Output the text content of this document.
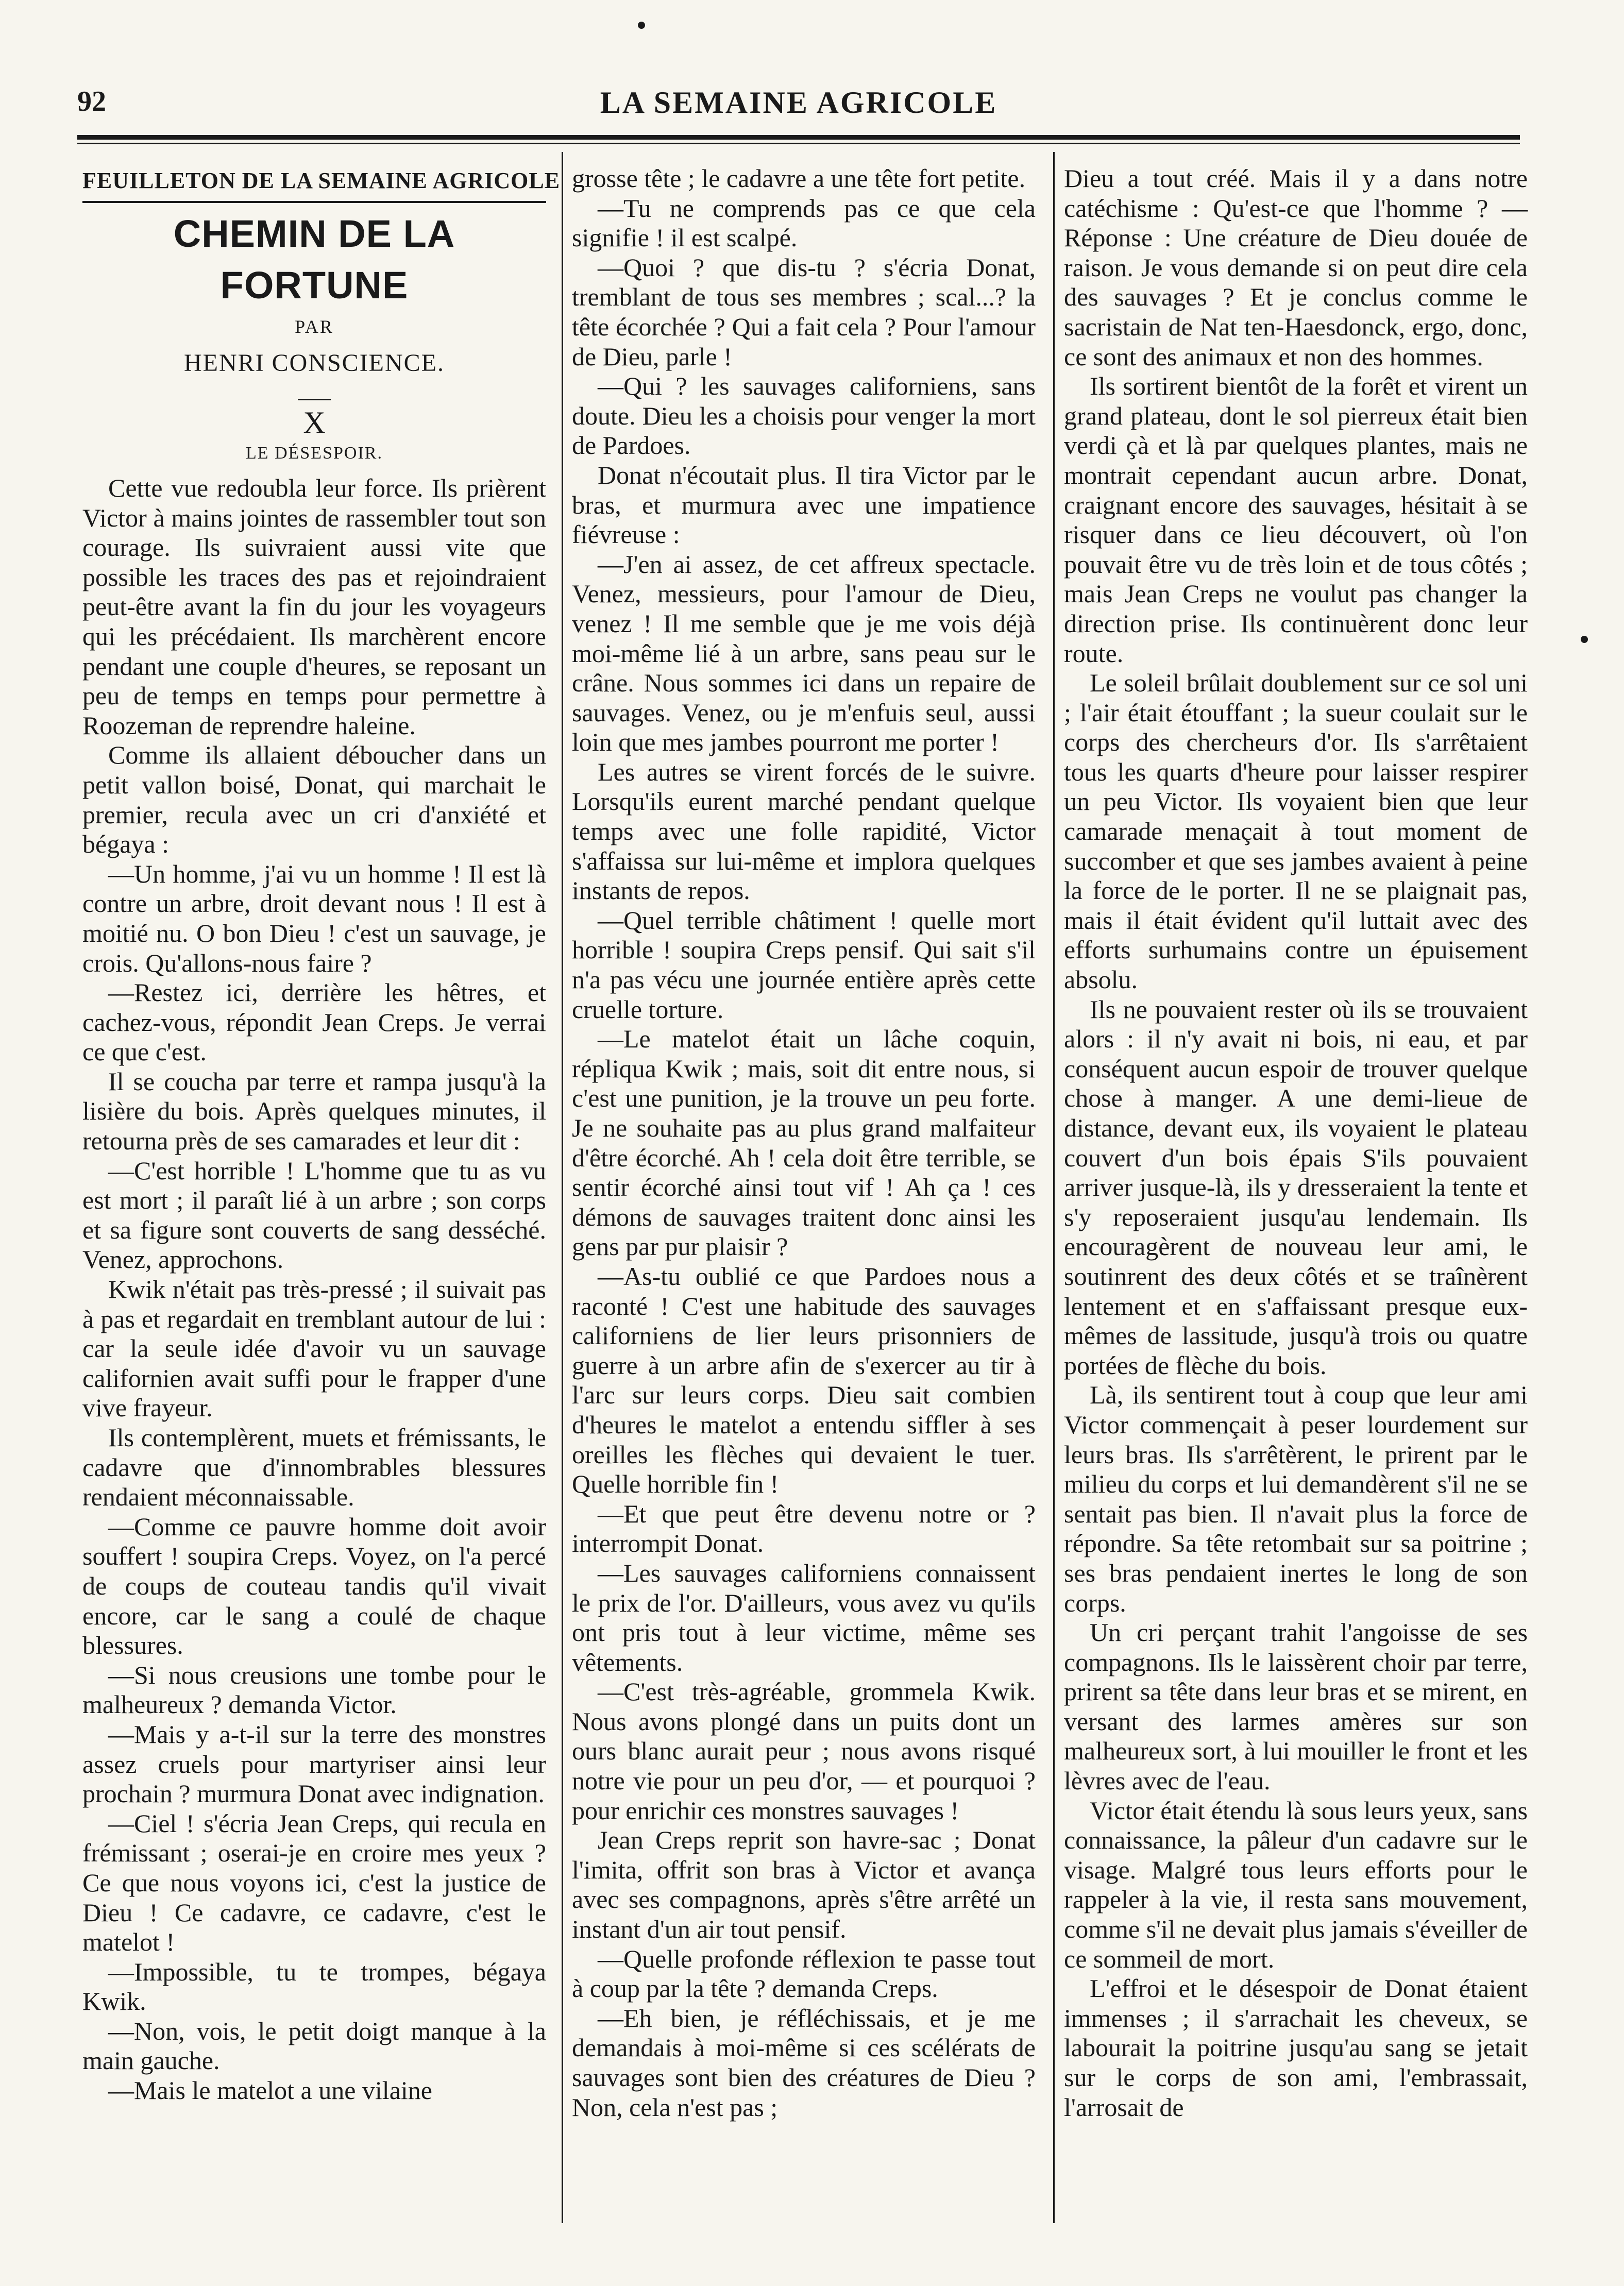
92	LA SEMAINE AGRICOLE
FEUILLETON DE LA SEMAINE AGRICOLE
CHEMIN DE LA FORTUNE
PAR
HENRI CONSCIENCE.
X
LE DÉSESPOIR.

Cette vue redoubla leur force. Ils prièrent Victor à mains jointes de rassembler tout son courage. Ils suivraient aussi vite que possible les traces des pas et rejoindraient peut-être avant la fin du jour les voyageurs qui les précédaient. Ils marchèrent encore pendant une couple d'heures, se reposant un peu de temps en temps pour permettre à Roozeman de reprendre haleine.

Comme ils allaient déboucher dans un petit vallon boisé, Donat, qui marchait le premier, recula avec un cri d'anxiété et bégaya :

—Un homme, j'ai vu un homme ! Il est là contre un arbre, droit devant nous ! Il est à moitié nu. O bon Dieu ! c'est un sauvage, je crois. Qu'allons-nous faire ?

—Restez ici, derrière les hêtres, et cachez-vous, répondit Jean Creps. Je verrai ce que c'est.

Il se coucha par terre et rampa jusqu'à la lisière du bois. Après quelques minutes, il retourna près de ses camarades et leur dit :

—C'est horrible ! L'homme que tu as vu est mort ; il paraît lié à un arbre ; son corps et sa figure sont couverts de sang desséché. Venez, approchons.

Kwik n'était pas très-pressé ; il suivait pas à pas et regardait en tremblant autour de lui : car la seule idée d'avoir vu un sauvage californien avait suffi pour le frapper d'une vive frayeur.

Ils contemplèrent, muets et frémissants, le cadavre que d'innombrables blessures rendaient méconnaissable.

—Comme ce pauvre homme doit avoir souffert ! soupira Creps. Voyez, on l'a percé de coups de couteau tandis qu'il vivait encore, car le sang a coulé de chaque blessures.

—Si nous creusions une tombe pour le malheureux ? demanda Victor.

—Mais y a-t-il sur la terre des monstres assez cruels pour martyriser ainsi leur prochain ? murmura Donat avec indignation.

—Ciel ! s'écria Jean Creps, qui recula en frémissant ; oserai-je en croire mes yeux ? Ce que nous voyons ici, c'est la justice de Dieu ! Ce cadavre, ce cadavre, c'est le matelot !

—Impossible, tu te trompes, bégaya Kwik.

—Non, vois, le petit doigt manque à la main gauche.

—Mais le matelot a une vilaine

grosse tête ; le cadavre a une tête fort petite.

—Tu ne comprends pas ce que cela signifie ! il est scalpé.

—Quoi ? que dis-tu ? s'écria Donat, tremblant de tous ses membres ; scal...? la tête écorchée ? Qui a fait cela ? Pour l'amour de Dieu, parle !

—Qui ? les sauvages californiens, sans doute. Dieu les a choisis pour venger la mort de Pardoes.

Donat n'écoutait plus. Il tira Victor par le bras, et murmura avec une impatience fiévreuse :

—J'en ai assez, de cet affreux spectacle. Venez, messieurs, pour l'amour de Dieu, venez ! Il me semble que je me vois déjà moi-même lié à un arbre, sans peau sur le crâne. Nous sommes ici dans un repaire de sauvages. Venez, ou je m'enfuis seul, aussi loin que mes jambes pourront me porter !

Les autres se virent forcés de le suivre. Lorsqu'ils eurent marché pendant quelque temps avec une folle rapidité, Victor s'affaissa sur lui-même et implora quelques instants de repos.

—Quel terrible châtiment ! quelle mort horrible ! soupira Creps pensif. Qui sait s'il n'a pas vécu une journée entière après cette cruelle torture.

—Le matelot était un lâche coquin, répliqua Kwik ; mais, soit dit entre nous, si c'est une punition, je la trouve un peu forte. Je ne souhaite pas au plus grand malfaiteur d'être écorché. Ah ! cela doit être terrible, se sentir écorché ainsi tout vif ! Ah ça ! ces démons de sauvages traitent donc ainsi les gens par pur plaisir ?

—As-tu oublié ce que Pardoes nous a raconté ! C'est une habitude des sauvages californiens de lier leurs prisonniers de guerre à un arbre afin de s'exercer au tir à l'arc sur leurs corps. Dieu sait combien d'heures le matelot a entendu siffler à ses oreilles les flèches qui devaient le tuer. Quelle horrible fin !

—Et que peut être devenu notre or ? interrompit Donat.

—Les sauvages californiens connaissent le prix de l'or. D'ailleurs, vous avez vu qu'ils ont pris tout à leur victime, même ses vêtements.

—C'est très-agréable, grommela Kwik. Nous avons plongé dans un puits dont un ours blanc aurait peur ; nous avons risqué notre vie pour un peu d'or, — et pourquoi ? pour enrichir ces monstres sauvages !

Jean Creps reprit son havre-sac ; Donat l'imita, offrit son bras à Victor et avança avec ses compagnons, après s'être arrêté un instant d'un air tout pensif.

—Quelle profonde réflexion te passe tout à coup par la tête ? demanda Creps.

—Eh bien, je réfléchissais, et je me demandais à moi-même si ces scélérats de sauvages sont bien des créatures de Dieu ? Non, cela n'est pas ;

Dieu a tout créé. Mais il y a dans notre catéchisme : Qu'est-ce que l'homme ? — Réponse : Une créature de Dieu douée de raison. Je vous demande si on peut dire cela des sauvages ? Et je conclus comme le sacristain de Nat ten-Haesdonck, ergo, donc, ce sont des animaux et non des hommes.

Ils sortirent bientôt de la forêt et virent un grand plateau, dont le sol pierreux était bien verdi çà et là par quelques plantes, mais ne montrait cependant aucun arbre. Donat, craignant encore des sauvages, hésitait à se risquer dans ce lieu découvert, où l'on pouvait être vu de très loin et de tous côtés ; mais Jean Creps ne voulut pas changer la direction prise. Ils continuèrent donc leur route.

Le soleil brûlait doublement sur ce sol uni ; l'air était étouffant ; la sueur coulait sur le corps des chercheurs d'or. Ils s'arrêtaient tous les quarts d'heure pour laisser respirer un peu Victor. Ils voyaient bien que leur camarade menaçait à tout moment de succomber et que ses jambes avaient à peine la force de le porter. Il ne se plaignait pas, mais il était évident qu'il luttait avec des efforts surhumains contre un épuisement absolu.

Ils ne pouvaient rester où ils se trouvaient alors : il n'y avait ni bois, ni eau, et par conséquent aucun espoir de trouver quelque chose à manger. A une demi-lieue de distance, devant eux, ils voyaient le plateau couvert d'un bois épais S'ils pouvaient arriver jusque-là, ils y dresseraient la tente et s'y reposeraient jusqu'au lendemain. Ils encouragèrent de nouveau leur ami, le soutinrent des deux côtés et se traînèrent lentement et en s'affaissant presque eux-mêmes de lassitude, jusqu'à trois ou quatre portées de flèche du bois.

Là, ils sentirent tout à coup que leur ami Victor commençait à peser lourdement sur leurs bras. Ils s'arrêtèrent, le prirent par le milieu du corps et lui demandèrent s'il ne se sentait pas bien. Il n'avait plus la force de répondre. Sa tête retombait sur sa poitrine ; ses bras pendaient inertes le long de son corps.

Un cri perçant trahit l'angoisse de ses compagnons. Ils le laissèrent choir par terre, prirent sa tête dans leur bras et se mirent, en versant des larmes amères sur son malheureux sort, à lui mouiller le front et les lèvres avec de l'eau.

Victor était étendu là sous leurs yeux, sans connaissance, la pâleur d'un cadavre sur le visage. Malgré tous leurs efforts pour le rappeler à la vie, il resta sans mouvement, comme s'il ne devait plus jamais s'éveiller de ce sommeil de mort.

L'effroi et le désespoir de Donat étaient immenses ; il s'arrachait les cheveux, se labourait la poitrine jusqu'au sang se jetait sur le corps de son ami, l'embrassait, l'arrosait de
